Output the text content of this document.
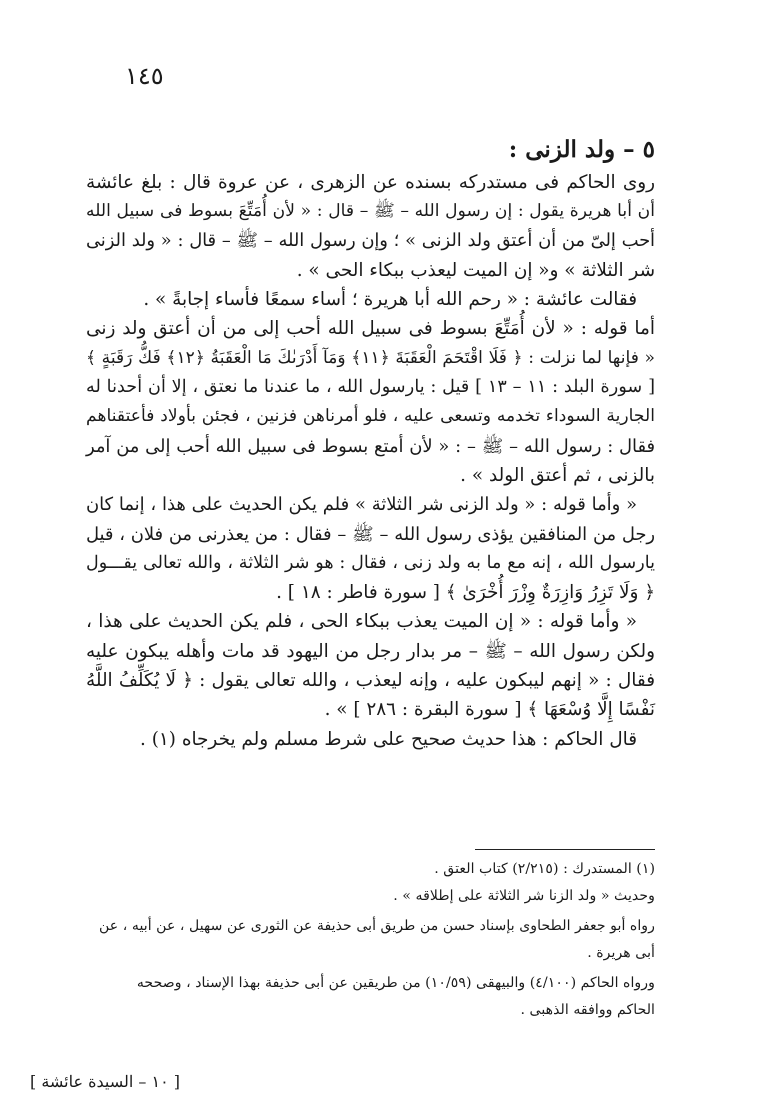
١٤٥
٥ – ولد الزنى :
روى الحاكم فى مستدركه بسنده عن الزهرى ، عن عروة قال : بلغ عائشة
أن أبا هريرة يقول : إن رسول الله – ﷺ – قال : « لأن أُمَتِّعَ بسوط فى سبيل الله
أحب إلىّ من أن أعتق ولد الزنى » ؛ وإن رسول الله – ﷺ – قال : « ولد الزنى
شر الثلاثة » و« إن الميت ليعذب ببكاء الحى » .
فقالت عائشة : « رحم الله أبا هريرة ؛ أساء سمعًا فأساء إجابةً » .
أما قوله : « لأن أُمَتِّعَ بسوط فى سبيل الله أحب إلى من أن أعتق ولد زنى
« فإنها لما نزلت : ﴿ فَلَا اقْتَحَمَ الْعَقَبَةَ ﴿١١﴾ وَمَآ أَدْرَىٰكَ مَا الْعَقَبَةُ ﴿١٢﴾ فَكُّ رَقَبَةٍ ﴾
[ سورة البلد : ١١ – ١٣ ] قيل : يارسول الله ، ما عندنا ما نعتق ، إلا أن أحدنا له
الجارية السوداء تخدمه وتسعى عليه ، فلو أمرناهن فزنين ، فجئن بأولاد فأعتقناهم
فقال : رسول الله – ﷺ – : « لأن أمتع بسوط فى سبيل الله أحب إلى من آمر
بالزنى ، ثم أعتق الولد » .
« وأما قوله : « ولد الزنى شر الثلاثة » فلم يكن الحديث على هذا ، إنما كان
رجل من المنافقين يؤذى رسول الله – ﷺ – فقال : من يعذرنى من فلان ، قيل
يارسول الله ، إنه مع ما به ولد زنى ، فقال : هو شر الثلاثة ، والله تعالى يقـــول
﴿ وَلَا تَزِرُ وَازِرَةٌ وِزْرَ أُخْرَىٰ ﴾ [ سورة فاطر : ١٨ ] .
« وأما قوله : « إن الميت يعذب ببكاء الحى ، فلم يكن الحديث على هذا ،
ولكن رسول الله – ﷺ – مر بدار رجل من اليهود قد مات وأهله يبكون عليه
فقال : « إنهم ليبكون عليه ، وإنه ليعذب ، والله تعالى يقول : ﴿ لَا يُكَلِّفُ اللَّهُ
نَفْسًا إِلَّا وُسْعَهَا ﴾ [ سورة البقرة : ٢٨٦ ] » .
قال الحاكم : هذا حديث صحيح على شرط مسلم ولم يخرجاه (١) .
(١) المستدرك : (٢/٢١٥) كتاب العتق .
وحديث « ولد الزنا شر الثلاثة على إطلاقه » .
رواه أبو جعفر الطحاوى بإسناد حسن من طريق أبى حذيفة عن الثورى عن سهيل ، عن أبيه ، عن
أبى هريرة .
ورواه الحاكم (٤/١٠٠) والبيهقى (١٠/٥٩) من طريقين عن أبى حذيفة بهذا الإسناد ، وصححه
الحاكم ووافقه الذهبى .
[ ١٠ – السيدة عائشة ]
